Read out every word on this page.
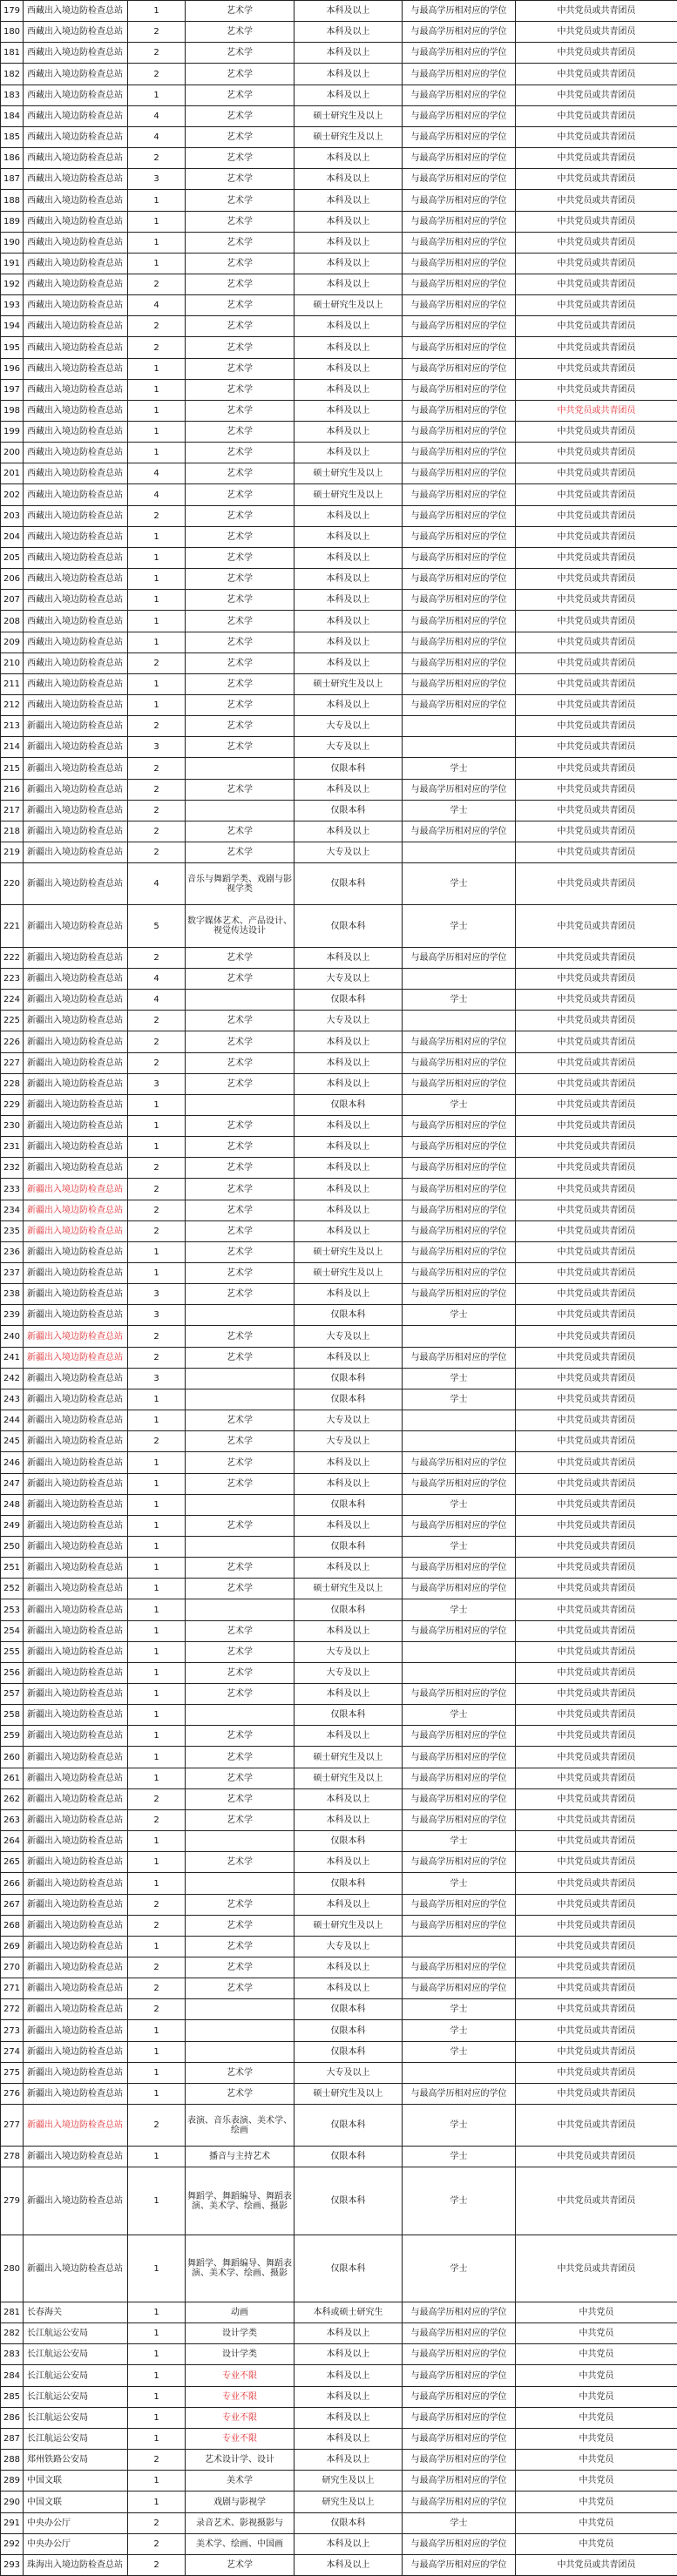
179	西藏出入境边防检查总站	1	艺术学	本科及以上	与最高学历相对应的学位	中共党员或共青团员
180	西藏出入境边防检查总站	2	艺术学	本科及以上	与最高学历相对应的学位	中共党员或共青团员
181	西藏出入境边防检查总站	2	艺术学	本科及以上	与最高学历相对应的学位	中共党员或共青团员
182	西藏出入境边防检查总站	2	艺术学	本科及以上	与最高学历相对应的学位	中共党员或共青团员
183	西藏出入境边防检查总站	1	艺术学	本科及以上	与最高学历相对应的学位	中共党员或共青团员
184	西藏出入境边防检查总站	4	艺术学	硕士研究生及以上	与最高学历相对应的学位	中共党员或共青团员
185	西藏出入境边防检查总站	4	艺术学	硕士研究生及以上	与最高学历相对应的学位	中共党员或共青团员
186	西藏出入境边防检查总站	2	艺术学	本科及以上	与最高学历相对应的学位	中共党员或共青团员
187	西藏出入境边防检查总站	3	艺术学	本科及以上	与最高学历相对应的学位	中共党员或共青团员
188	西藏出入境边防检查总站	1	艺术学	本科及以上	与最高学历相对应的学位	中共党员或共青团员
189	西藏出入境边防检查总站	1	艺术学	本科及以上	与最高学历相对应的学位	中共党员或共青团员
190	西藏出入境边防检查总站	1	艺术学	本科及以上	与最高学历相对应的学位	中共党员或共青团员
191	西藏出入境边防检查总站	1	艺术学	本科及以上	与最高学历相对应的学位	中共党员或共青团员
192	西藏出入境边防检查总站	2	艺术学	本科及以上	与最高学历相对应的学位	中共党员或共青团员
193	西藏出入境边防检查总站	4	艺术学	硕士研究生及以上	与最高学历相对应的学位	中共党员或共青团员
194	西藏出入境边防检查总站	2	艺术学	本科及以上	与最高学历相对应的学位	中共党员或共青团员
195	西藏出入境边防检查总站	2	艺术学	本科及以上	与最高学历相对应的学位	中共党员或共青团员
196	西藏出入境边防检查总站	1	艺术学	本科及以上	与最高学历相对应的学位	中共党员或共青团员
197	西藏出入境边防检查总站	1	艺术学	本科及以上	与最高学历相对应的学位	中共党员或共青团员
198	西藏出入境边防检查总站	1	艺术学	本科及以上	与最高学历相对应的学位	中共党员或共青团员
199	西藏出入境边防检查总站	1	艺术学	本科及以上	与最高学历相对应的学位	中共党员或共青团员
200	西藏出入境边防检查总站	1	艺术学	本科及以上	与最高学历相对应的学位	中共党员或共青团员
201	西藏出入境边防检查总站	4	艺术学	硕士研究生及以上	与最高学历相对应的学位	中共党员或共青团员
202	西藏出入境边防检查总站	4	艺术学	硕士研究生及以上	与最高学历相对应的学位	中共党员或共青团员
203	西藏出入境边防检查总站	2	艺术学	本科及以上	与最高学历相对应的学位	中共党员或共青团员
204	西藏出入境边防检查总站	1	艺术学	本科及以上	与最高学历相对应的学位	中共党员或共青团员
205	西藏出入境边防检查总站	1	艺术学	本科及以上	与最高学历相对应的学位	中共党员或共青团员
206	西藏出入境边防检查总站	1	艺术学	本科及以上	与最高学历相对应的学位	中共党员或共青团员
207	西藏出入境边防检查总站	1	艺术学	本科及以上	与最高学历相对应的学位	中共党员或共青团员
208	西藏出入境边防检查总站	1	艺术学	本科及以上	与最高学历相对应的学位	中共党员或共青团员
209	西藏出入境边防检查总站	1	艺术学	本科及以上	与最高学历相对应的学位	中共党员或共青团员
210	西藏出入境边防检查总站	2	艺术学	本科及以上	与最高学历相对应的学位	中共党员或共青团员
211	西藏出入境边防检查总站	1	艺术学	硕士研究生及以上	与最高学历相对应的学位	中共党员或共青团员
212	西藏出入境边防检查总站	1	艺术学	本科及以上	与最高学历相对应的学位	中共党员或共青团员
213	新疆出入境边防检查总站	2	艺术学	大专及以上		中共党员或共青团员
214	新疆出入境边防检查总站	3	艺术学	大专及以上		中共党员或共青团员
215	新疆出入境边防检查总站	2		仅限本科	学士	中共党员或共青团员
216	新疆出入境边防检查总站	2	艺术学	本科及以上	与最高学历相对应的学位	中共党员或共青团员
217	新疆出入境边防检查总站	2		仅限本科	学士	中共党员或共青团员
218	新疆出入境边防检查总站	2	艺术学	本科及以上	与最高学历相对应的学位	中共党员或共青团员
219	新疆出入境边防检查总站	2	艺术学	大专及以上		中共党员或共青团员
220	新疆出入境边防检查总站	4	音乐与舞蹈学类、戏剧与影视学类	仅限本科	学士	中共党员或共青团员
221	新疆出入境边防检查总站	5	数字媒体艺术、产品设计、视觉传达设计	仅限本科	学士	中共党员或共青团员
222	新疆出入境边防检查总站	2	艺术学	本科及以上	与最高学历相对应的学位	中共党员或共青团员
223	新疆出入境边防检查总站	4	艺术学	大专及以上		中共党员或共青团员
224	新疆出入境边防检查总站	4		仅限本科	学士	中共党员或共青团员
225	新疆出入境边防检查总站	2	艺术学	大专及以上		中共党员或共青团员
226	新疆出入境边防检查总站	2	艺术学	本科及以上	与最高学历相对应的学位	中共党员或共青团员
227	新疆出入境边防检查总站	2	艺术学	本科及以上	与最高学历相对应的学位	中共党员或共青团员
228	新疆出入境边防检查总站	3	艺术学	本科及以上	与最高学历相对应的学位	中共党员或共青团员
229	新疆出入境边防检查总站	1		仅限本科	学士	中共党员或共青团员
230	新疆出入境边防检查总站	1	艺术学	本科及以上	与最高学历相对应的学位	中共党员或共青团员
231	新疆出入境边防检查总站	1	艺术学	本科及以上	与最高学历相对应的学位	中共党员或共青团员
232	新疆出入境边防检查总站	2	艺术学	本科及以上	与最高学历相对应的学位	中共党员或共青团员
233	新疆出入境边防检查总站	2	艺术学	本科及以上	与最高学历相对应的学位	中共党员或共青团员
234	新疆出入境边防检查总站	2	艺术学	本科及以上	与最高学历相对应的学位	中共党员或共青团员
235	新疆出入境边防检查总站	2	艺术学	本科及以上	与最高学历相对应的学位	中共党员或共青团员
236	新疆出入境边防检查总站	1	艺术学	硕士研究生及以上	与最高学历相对应的学位	中共党员或共青团员
237	新疆出入境边防检查总站	1	艺术学	硕士研究生及以上	与最高学历相对应的学位	中共党员或共青团员
238	新疆出入境边防检查总站	3	艺术学	本科及以上	与最高学历相对应的学位	中共党员或共青团员
239	新疆出入境边防检查总站	3		仅限本科	学士	中共党员或共青团员
240	新疆出入境边防检查总站	2	艺术学	大专及以上		中共党员或共青团员
241	新疆出入境边防检查总站	2	艺术学	本科及以上	与最高学历相对应的学位	中共党员或共青团员
242	新疆出入境边防检查总站	3		仅限本科	学士	中共党员或共青团员
243	新疆出入境边防检查总站	1		仅限本科	学士	中共党员或共青团员
244	新疆出入境边防检查总站	1	艺术学	大专及以上		中共党员或共青团员
245	新疆出入境边防检查总站	2	艺术学	大专及以上		中共党员或共青团员
246	新疆出入境边防检查总站	1	艺术学	本科及以上	与最高学历相对应的学位	中共党员或共青团员
247	新疆出入境边防检查总站	1	艺术学	本科及以上	与最高学历相对应的学位	中共党员或共青团员
248	新疆出入境边防检查总站	1		仅限本科	学士	中共党员或共青团员
249	新疆出入境边防检查总站	1	艺术学	本科及以上	与最高学历相对应的学位	中共党员或共青团员
250	新疆出入境边防检查总站	1		仅限本科	学士	中共党员或共青团员
251	新疆出入境边防检查总站	1	艺术学	本科及以上	与最高学历相对应的学位	中共党员或共青团员
252	新疆出入境边防检查总站	1	艺术学	硕士研究生及以上	与最高学历相对应的学位	中共党员或共青团员
253	新疆出入境边防检查总站	1		仅限本科	学士	中共党员或共青团员
254	新疆出入境边防检查总站	1	艺术学	本科及以上	与最高学历相对应的学位	中共党员或共青团员
255	新疆出入境边防检查总站	1	艺术学	大专及以上		中共党员或共青团员
256	新疆出入境边防检查总站	1	艺术学	大专及以上		中共党员或共青团员
257	新疆出入境边防检查总站	1	艺术学	本科及以上	与最高学历相对应的学位	中共党员或共青团员
258	新疆出入境边防检查总站	1		仅限本科	学士	中共党员或共青团员
259	新疆出入境边防检查总站	1	艺术学	本科及以上	与最高学历相对应的学位	中共党员或共青团员
260	新疆出入境边防检查总站	1	艺术学	硕士研究生及以上	与最高学历相对应的学位	中共党员或共青团员
261	新疆出入境边防检查总站	1	艺术学	硕士研究生及以上	与最高学历相对应的学位	中共党员或共青团员
262	新疆出入境边防检查总站	2	艺术学	本科及以上	与最高学历相对应的学位	中共党员或共青团员
263	新疆出入境边防检查总站	2	艺术学	本科及以上	与最高学历相对应的学位	中共党员或共青团员
264	新疆出入境边防检查总站	1		仅限本科	学士	中共党员或共青团员
265	新疆出入境边防检查总站	1	艺术学	本科及以上	与最高学历相对应的学位	中共党员或共青团员
266	新疆出入境边防检查总站	1		仅限本科	学士	中共党员或共青团员
267	新疆出入境边防检查总站	2	艺术学	本科及以上	与最高学历相对应的学位	中共党员或共青团员
268	新疆出入境边防检查总站	2	艺术学	硕士研究生及以上	与最高学历相对应的学位	中共党员或共青团员
269	新疆出入境边防检查总站	1	艺术学	大专及以上		中共党员或共青团员
270	新疆出入境边防检查总站	2	艺术学	本科及以上	与最高学历相对应的学位	中共党员或共青团员
271	新疆出入境边防检查总站	2	艺术学	本科及以上	与最高学历相对应的学位	中共党员或共青团员
272	新疆出入境边防检查总站	2		仅限本科	学士	中共党员或共青团员
273	新疆出入境边防检查总站	1		仅限本科	学士	中共党员或共青团员
274	新疆出入境边防检查总站	1		仅限本科	学士	中共党员或共青团员
275	新疆出入境边防检查总站	1	艺术学	大专及以上		中共党员或共青团员
276	新疆出入境边防检查总站	1	艺术学	硕士研究生及以上	与最高学历相对应的学位	中共党员或共青团员
277	新疆出入境边防检查总站	2	表演、音乐表演、美术学、绘画	仅限本科	学士	中共党员或共青团员
278	新疆出入境边防检查总站	1	播音与主持艺术	仅限本科	学士	中共党员或共青团员
279	新疆出入境边防检查总站	1	舞蹈学、舞蹈编导、舞蹈表演、美术学、绘画、摄影	仅限本科	学士	中共党员或共青团员
280	新疆出入境边防检查总站	1	舞蹈学、舞蹈编导、舞蹈表演、美术学、绘画、摄影	仅限本科	学士	中共党员或共青团员
281	长春海关	1	动画	本科或硕士研究生	与最高学历相对应的学位	中共党员
282	长江航运公安局	1	设计学类	本科及以上	与最高学历相对应的学位	中共党员
283	长江航运公安局	1	设计学类	本科及以上	与最高学历相对应的学位	中共党员
284	长江航运公安局	1	专业不限	本科及以上	与最高学历相对应的学位	中共党员
285	长江航运公安局	1	专业不限	本科及以上	与最高学历相对应的学位	中共党员
286	长江航运公安局	1	专业不限	本科及以上	与最高学历相对应的学位	中共党员
287	长江航运公安局	1	专业不限	本科及以上	与最高学历相对应的学位	中共党员
288	郑州铁路公安局	2	艺术设计学、设计	本科及以上	与最高学历相对应的学位	中共党员
289	中国文联	1	美术学	研究生及以上	与最高学历相对应的学位	中共党员
290	中国文联	1	戏剧与影视学	研究生及以上	与最高学历相对应的学位	中共党员
291	中央办公厅	2	录音艺术、影视摄影与	仅限本科	学士	中共党员
292	中央办公厅	2	美术学、绘画、中国画	本科及以上	与最高学历相对应的学位	中共党员
293	珠海出入境边防检查总站	2	艺术学	本科及以上	与最高学历相对应的学位	中共党员或共青团员
